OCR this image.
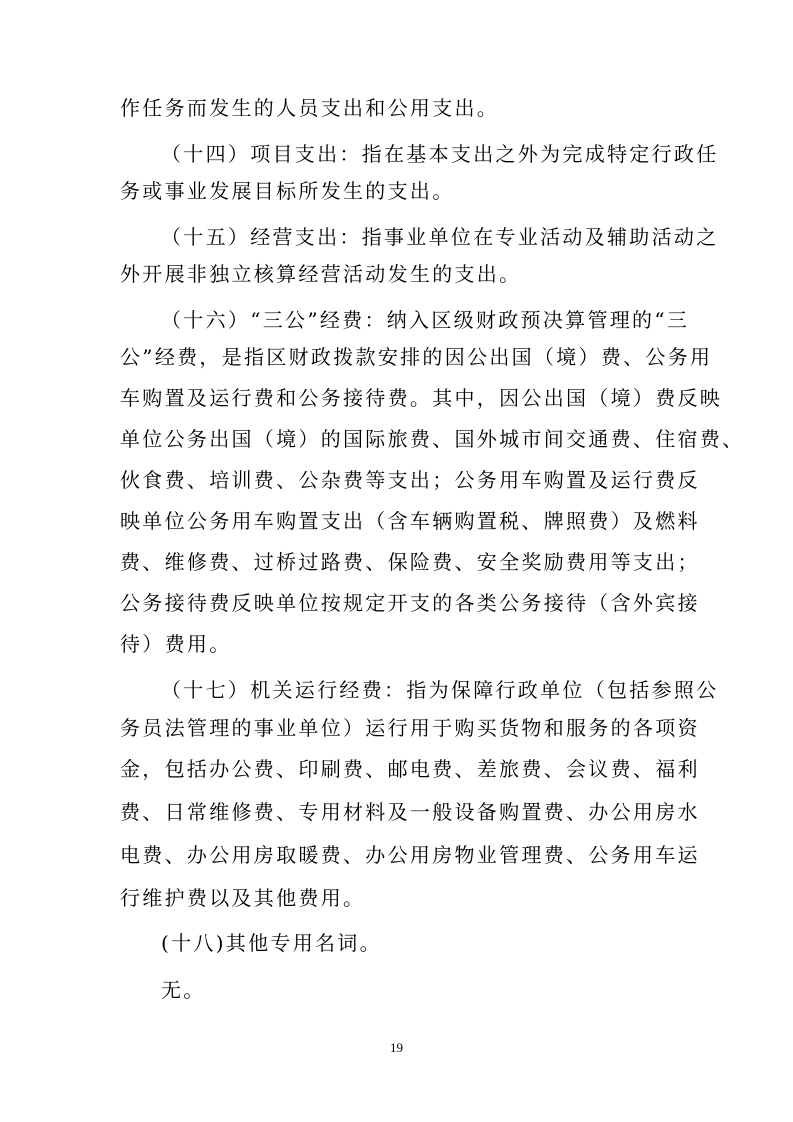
作任务而发生的人员支出和公用支出。
（十四）项目支出：指在基本支出之外为完成特定行政任
务或事业发展目标所发生的支出。
（十五）经营支出：指事业单位在专业活动及辅助活动之
外开展非独立核算经营活动发生的支出。
（十六）“三公”经费：纳入区级财政预决算管理的“三
公”经费，是指区财政拨款安排的因公出国（境）费、公务用
车购置及运行费和公务接待费。其中，因公出国（境）费反映
单位公务出国（境）的国际旅费、国外城市间交通费、住宿费、
伙食费、培训费、公杂费等支出；公务用车购置及运行费反
映单位公务用车购置支出（含车辆购置税、牌照费）及燃料
费、维修费、过桥过路费、保险费、安全奖励费用等支出；
公务接待费反映单位按规定开支的各类公务接待（含外宾接
待）费用。
（十七）机关运行经费：指为保障行政单位（包括参照公
务员法管理的事业单位）运行用于购买货物和服务的各项资
金，包括办公费、印刷费、邮电费、差旅费、会议费、福利
费、日常维修费、专用材料及一般设备购置费、办公用房水
电费、办公用房取暖费、办公用房物业管理费、公务用车运
行维护费以及其他费用。
(十八)其他专用名词。
无。
19
